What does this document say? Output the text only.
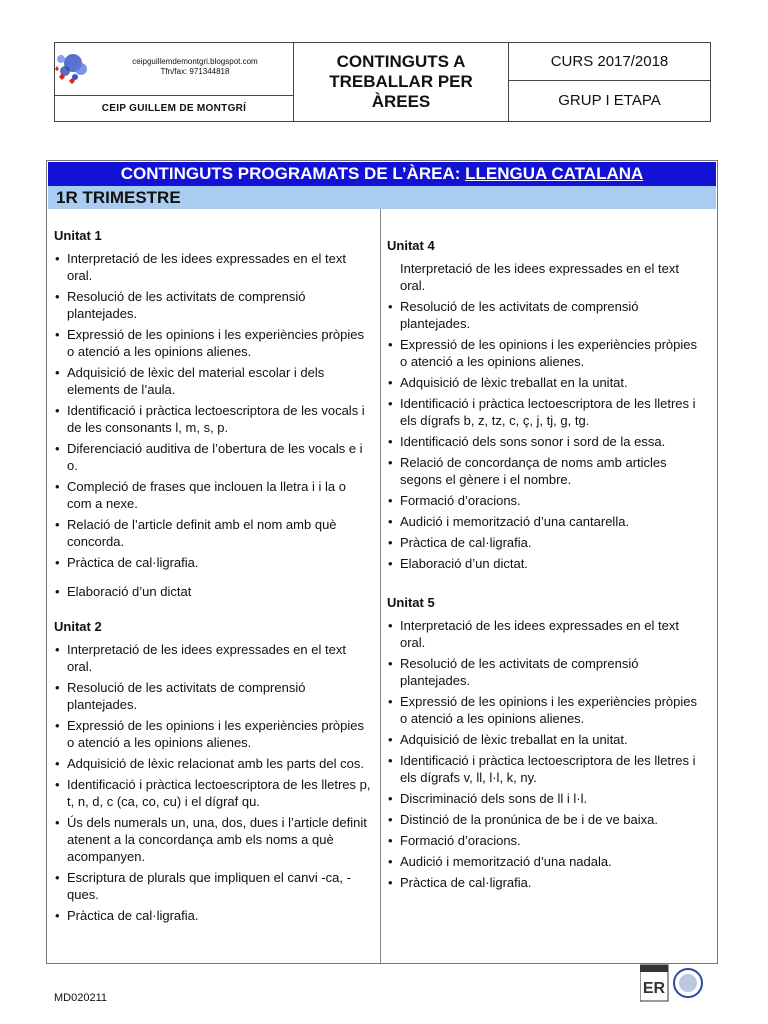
ceipguillemdemontgri.blogspot.com
Tfn/fax: 971344818
CEIP GUILLEM DE MONTGRÍ
CONTINGUTS A
TREBALLAR PER
ÀREES
CURS 2017/2018
GRUP I ETAPA
CONTINGUTS PROGRAMATS DE L’ÀREA: LLENGUA CATALANA
1R TRIMESTRE
Unitat 1
• Interpretació de les idees expressades en el text oral.
• Resolució de les activitats de comprensió plantejades.
• Expressió de les opinions i les experiències pròpies o atenció a les opinions alienes.
• Adquisició de lèxic del material escolar i dels elements de l’aula.
• Identificació i pràctica lectoescriptora de les vocals i de les consonants l, m, s, p.
• Diferenciació auditiva de l’obertura de les vocals e i o.
• Compleció de frases que inclouen la lletra i i la o com a nexe.
• Relació de l’article definit amb el nom amb què concorda.
• Pràctica de cal·ligrafia.
• Elaboració d’un dictat
Unitat 2
• Interpretació de les idees expressades en el text oral.
• Resolució de les activitats de comprensió plantejades.
• Expressió de les opinions i les experiències pròpies o atenció a les opinions alienes.
• Adquisició de lèxic relacionat amb les parts del cos.
• Identificació i pràctica lectoescriptora de les lletres p, t, n, d, c (ca, co, cu) i el dígraf qu.
• Ús dels numerals un, una, dos, dues i l’article definit atenent a la concordança amb els noms a què acompanyen.
• Escriptura de plurals que impliquen el canvi -ca, -ques.
• Pràctica de cal·ligrafia.
Unitat 4
Interpretació de les idees expressades en el text oral.
• Resolució de les activitats de comprensió plantejades.
• Expressió de les opinions i les experiències pròpies o atenció a les opinions alienes.
• Adquisició de lèxic treballat en la unitat.
• Identificació i pràctica lectoescriptora de les lletres i els dígrafs b, z, tz, c, ç, j, tj, g, tg.
• Identificació dels sons sonor i sord de la essa.
• Relació de concordança de noms amb articles segons el gènere i el nombre.
• Formació d’oracions.
• Audició i memorització d’una cantarella.
• Pràctica de cal·ligrafia.
• Elaboració d’un dictat.
Unitat 5
• Interpretació de les idees expressades en el text oral.
• Resolució de les activitats de comprensió plantejades.
• Expressió de les opinions i les experiències pròpies o atenció a les opinions alienes.
• Adquisició de lèxic treballat en la unitat.
• Identificació i pràctica lectoescriptora de les lletres i els dígrafs v, ll, l·l, k, ny.
• Discriminació dels sons de ll i l·l.
• Distinció de la pronúnica de be i de ve baixa.
• Formació d’oracions.
• Audició i memorització d’una nadala.
• Pràctica de cal·ligrafia.
MD020211
ER
